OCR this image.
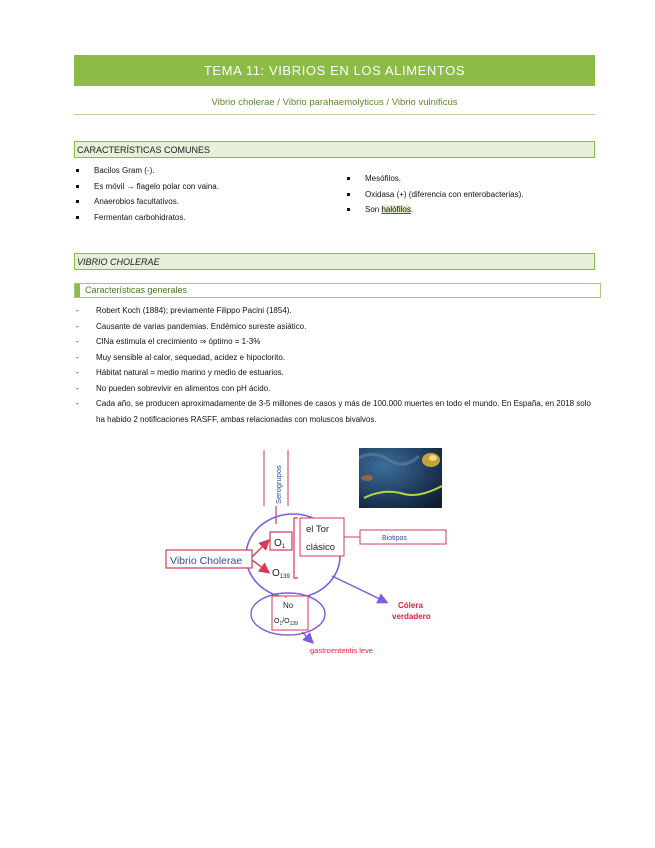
TEMA 11: VIBRIOS EN LOS ALIMENTOS
Vibrio cholerae / Vibrio parahaemolyticus / Vibrio vulnificus
CARACTERÍSTICAS COMUNES
Bacilos Gram (-).
Es móvil → flagelo polar con vaina.
Anaerobios facultativos.
Fermentan carbohidratos.
Mesófilos.
Oxidasa (+) (diferencia con enterobacterias).
Son halófilos.
VIBRIO CHOLERAE
Características generales
- Robert Koch (1884); previamente Filippo Pacini (1854).
- Causante de varias pandemias. Endémico sureste asiático.
- ClNa estimula el crecimiento ⇒ óptimo = 1-3%
- Muy sensible al calor, sequedad, acidez e hipoclorito.
- Hábitat natural = medio marino y medio de estuarios.
- No pueden sobrevivir en alimentos con pH ácido.
- Cada año, se producen aproximadamente de 3-5 millones de casos y más de 100.000 muertes en todo el mundo. En España, en 2018 solo ha habido 2 notificaciones RASFF, ambas relacionadas con moluscos bivalvos.
Serogrupos
Vibrio Cholerae
$O_1$
$O_{139}$
el Tor
clásico
Biotipos
Cólera
verdadero
No
$O_1/O_{139}$
gastroenteritis leve
